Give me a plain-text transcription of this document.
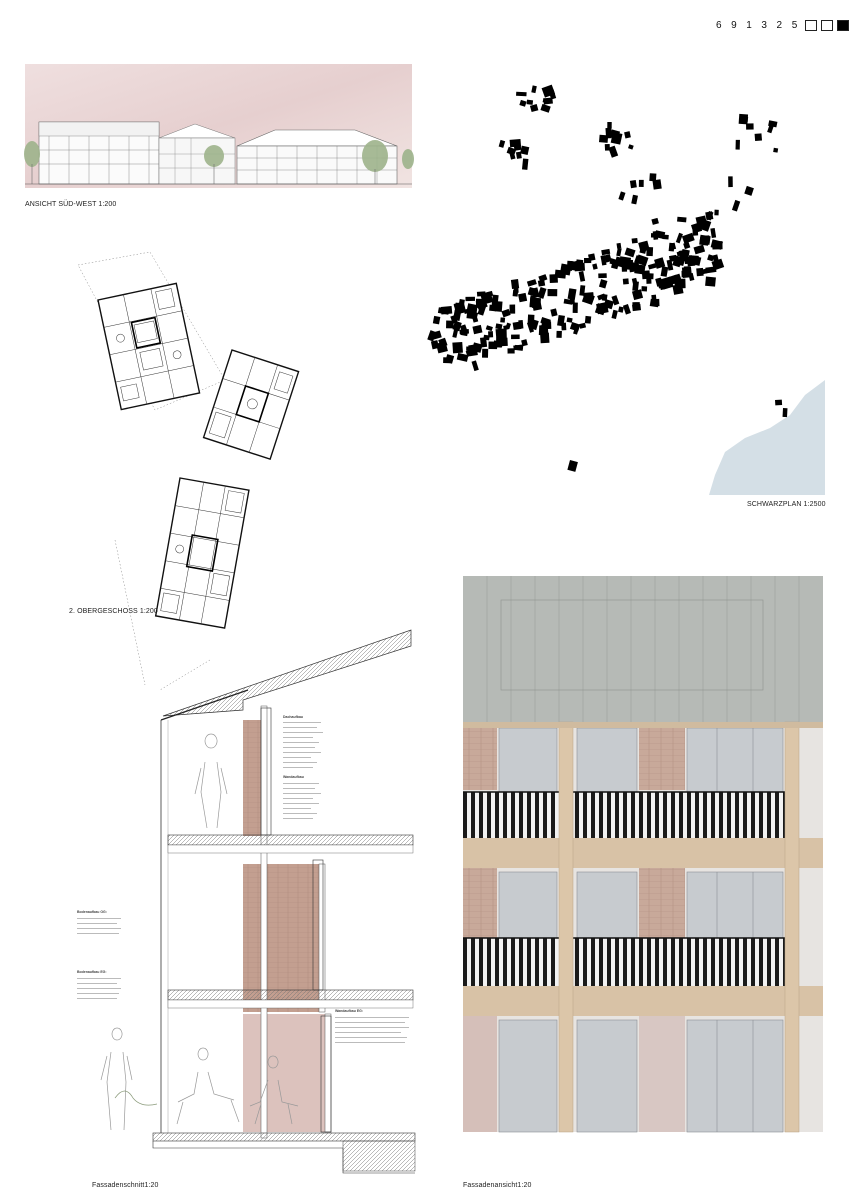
6 9 1 3 2 5
ANSICHT SÜD-WEST 1:200
SCHWARZPLAN 1:2500
2. OBERGESCHOSS 1:200
Dachaufbau
Wandaufbau
Bodenaufbau OG:
Bodenaufbau EG:
Wandaufbau EG:
Fassadenschnitt1:20	Fassadenansicht1:20
